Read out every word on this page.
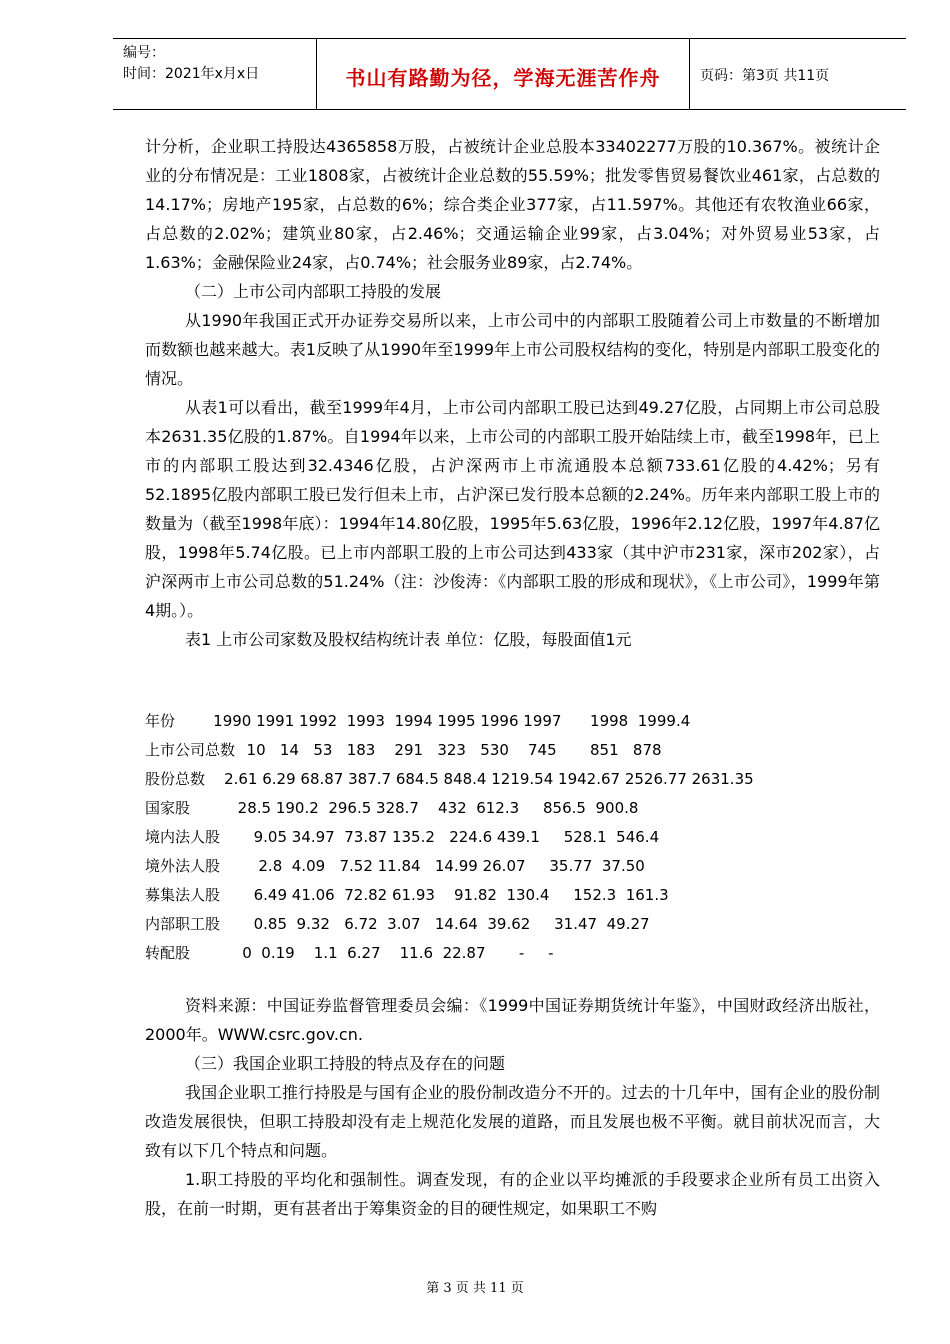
编号：
时间：2021年x月x日	书山有路勤为径，学海无涯苦作舟	页码：第3页 共11页

计分析，企业职工持股达4365858万股，占被统计企业总股本33402277万股的10.367%。被统计企业的分布情况是：工业1808家，占被统计企业总数的55.59%；批发零售贸易餐饮业461家，占总数的14.17%；房地产195家，占总数的6%；综合类企业377家，占11.597%。其他还有农牧渔业66家，占总数的2.02%；建筑业80家，占2.46%；交通运输企业99家，占3.04%；对外贸易业53家，占1.63%；金融保险业24家，占0.74%；社会服务业89家，占2.74%。

（二）上市公司内部职工持股的发展

从1990年我国正式开办证券交易所以来，上市公司中的内部职工股随着公司上市数量的不断增加而数额也越来越大。表1反映了从1990年至1999年上市公司股权结构的变化，特别是内部职工股变化的情况。

从表1可以看出，截至1999年4月，上市公司内部职工股已达到49.27亿股，占同期上市公司总股本2631.35亿股的1.87%。自1994年以来，上市公司的内部职工股开始陆续上市，截至1998年，已上市的内部职工股达到32.4346亿股，占沪深两市上市流通股本总额733.61亿股的4.42%；另有52.1895亿股内部职工股已发行但未上市，占沪深已发行股本总额的2.24%。历年来内部职工股上市的数量为（截至1998年底）：1994年14.80亿股，1995年5.63亿股，1996年2.12亿股，1997年4.87亿股，1998年5.74亿股。已上市内部职工股的上市公司达到433家（其中沪市231家，深市202家），占沪深两市上市公司总数的51.24%（注：沙俊涛：《内部职工股的形成和现状》，《上市公司》，1999年第4期。）。

表1 上市公司家数及股权结构统计表 单位：亿股，每股面值1元

年份 1990 1991 1992  1993  1994 1995 1996 1997      1998  1999.4
上市公司总数 10   14   53   183    291   323   530    745       851   878
股份总数 2.61 6.29 68.87 387.7 684.5 848.4 1219.54 1942.67 2526.77 2631.35
国家股 28.5 190.2  296.5 328.7    432  612.3     856.5  900.8
境内法人股 9.05 34.97  73.87 135.2   224.6 439.1     528.1  546.4
境外法人股 2.8  4.09   7.52 11.84   14.99 26.07     35.77  37.50
募集法人股 6.49 41.06  72.82 61.93    91.82  130.4     152.3  161.3
内部职工股 0.85  9.32   6.72  3.07   14.64  39.62     31.47  49.27
转配股
0  0.19    1.1  6.27    11.6  22.87       -     -

资料来源：中国证券监督管理委员会编：《1999中国证券期货统计年鉴》，中国财政经济出版社，2000年。WWW.csrc.gov.cn.

（三）我国企业职工持股的特点及存在的问题

我国企业职工推行持股是与国有企业的股份制改造分不开的。过去的十几年中，国有企业的股份制改造发展很快，但职工持股却没有走上规范化发展的道路，而且发展也极不平衡。就目前状况而言，大致有以下几个特点和问题。

1.职工持股的平均化和强制性。调查发现，有的企业以平均摊派的手段要求企业所有员工出资入股，在前一时期，更有甚者出于筹集资金的目的硬性规定，如果职工不购

第 3 页 共 11 页
